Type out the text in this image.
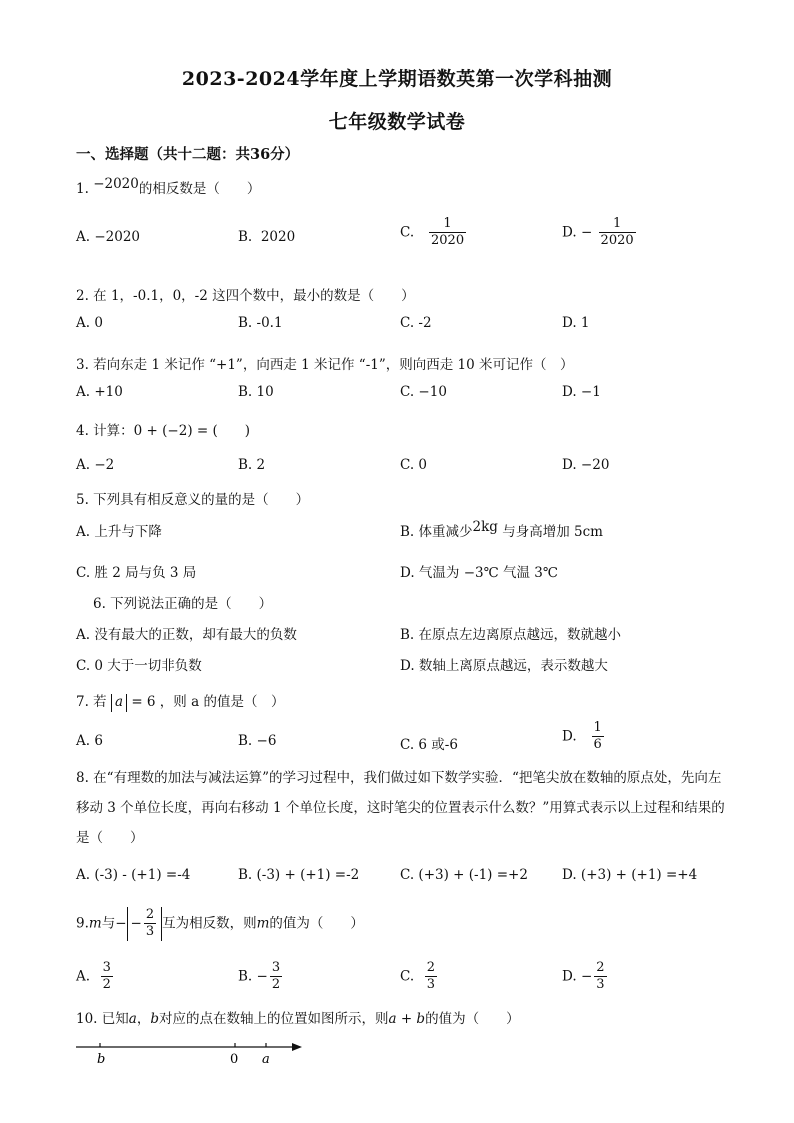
2023-2024学年度上学期语数英第一次学科抽测
七年级数学试卷
一、选择题（共十二题：共36分）
1. −2020的相反数是（　　）
A. −2020	B. 2020	C. $\frac{1}{2020}$	D. − $\frac{1}{2020}$
2. 在 1，-0.1，0，-2 这四个数中，最小的数是（　　）
A. 0	B. -0.1	C. -2	D. 1
3. 若向东走 1 米记作 “+1”，向西走 1 米记作 “-1”，则向西走 10 米可记作（　）
A. +10	B. 10	C. −10	D. −1
4. 计算：0 + (−2) = (　　)
A. −2	B. 2	C. 0	D. −20
5. 下列具有相反意义的量的是（　　）
A. 上升与下降	B. 体重减少2kg 与身高增加 5cm
C. 胜 2 局与负 3 局	D. 气温为 −3℃ 气温 3℃
6. 下列说法正确的是（　　）
A. 没有最大的正数，却有最大的负数	B. 在原点左边离原点越远，数就越小
C. 0 大于一切非负数	D. 数轴上离原点越远，表示数越大
7. 若 a = 6 ，则 a 的值是（　）
A. 6	B. −6	C. 6 或-6
D. $\frac{1}{6}$
8. 在“有理数的加法与减法运算”的学习过程中，我们做过如下数学实验．“把笔尖放在数轴的原点处，先向左移动 3 个单位长度，再向右移动 1 个单位长度，这时笔尖的位置表示什么数？”用算式表示以上过程和结果的是（　　）
A. (-3) - (+1) =-4	B. (-3) + (+1) =-2	C. (+3) + (-1) =+2	D. (+3) + (+1) =+4
9.m与− − $\frac{2}{3}$ 互为相反数，则m的值为（　　）
A. $\frac{3}{2}$	B. − $\frac{3}{2}$	C. $\frac{2}{3}$	D. − $\frac{2}{3}$
10. 已知a，b对应的点在数轴上的位置如图所示，则a + b的值为（　　）
b	0 a
